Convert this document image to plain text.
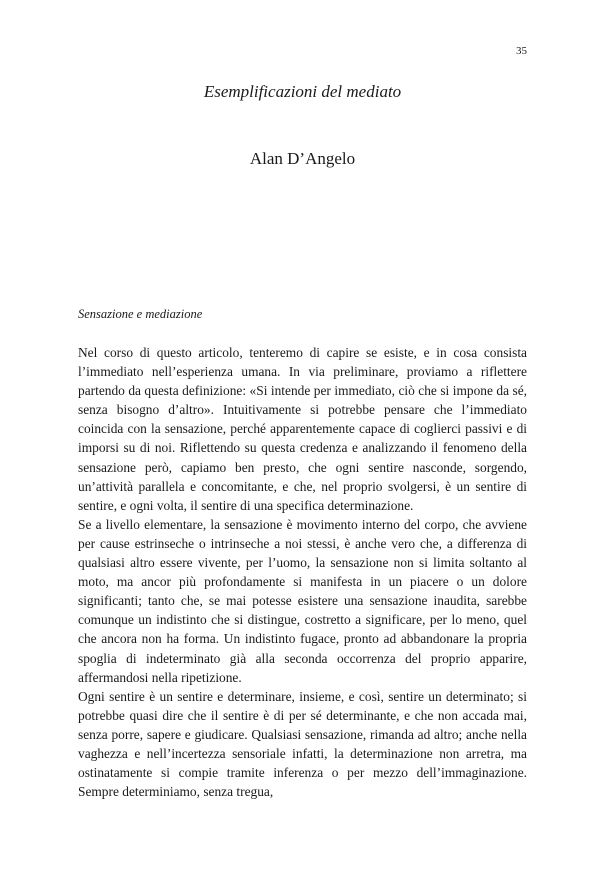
35
Esemplificazioni del mediato
Alan D’Angelo
Sensazione e mediazione

Nel corso di questo articolo, tenteremo di capire se esiste, e in cosa consista l’immediato nell’esperienza umana. In via preliminare, proviamo a riflettere partendo da questa definizione: «Si intende per immediato, ciò che si impone da sé, senza bisogno d’altro». Intuitivamente si potrebbe pensare che l’immediato coincida con la sensazione, perché apparentemente capace di coglierci passivi e di imporsi su di noi. Riflettendo su questa credenza e analizzando il fenomeno della sensazione però, capiamo ben presto, che ogni sentire nasconde, sorgendo, un’attività parallela e concomitante, e che, nel proprio svolgersi, è un sentire di sentire, e ogni volta, il sentire di una specifica determinazione.

Se a livello elementare, la sensazione è movimento interno del corpo, che avviene per cause estrinseche o intrinseche a noi stessi, è anche vero che, a differenza di qualsiasi altro essere vivente, per l’uomo, la sensazione non si limita soltanto al moto, ma ancor più profondamente si manifesta in un piacere o un dolore significanti; tanto che, se mai potesse esistere una sensazione inaudita, sarebbe comunque un indistinto che si distingue, costretto a significare, per lo meno, quel che ancora non ha forma. Un indistinto fugace, pronto ad abbandonare la propria spoglia di indeterminato già alla seconda occorrenza del proprio apparire, affermandosi nella ripetizione.

Ogni sentire è un sentire e determinare, insieme, e così, sentire un determinato; si potrebbe quasi dire che il sentire è di per sé determinante, e che non accada mai, senza porre, sapere e giudicare. Qualsiasi sensazione, rimanda ad altro; anche nella vaghezza e nell’incertezza sensoriale infatti, la determinazione non arretra, ma ostinatamente si compie tramite inferenza o per mezzo dell’immaginazione. Sempre determiniamo, senza tregua,
